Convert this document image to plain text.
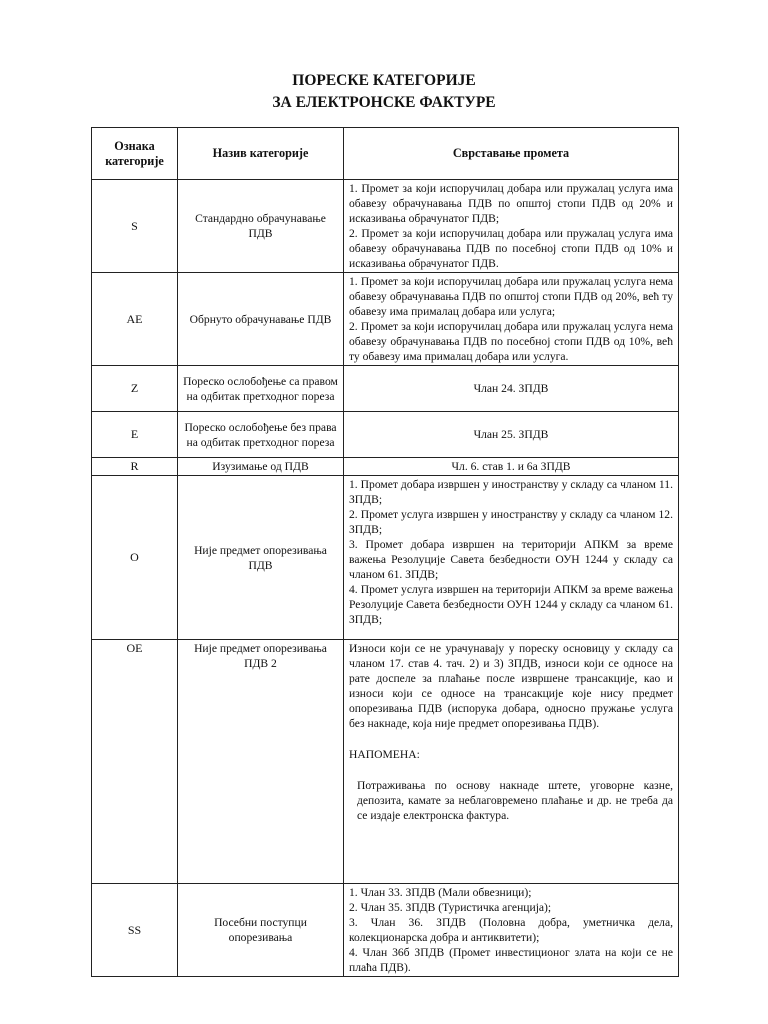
ПОРЕСКЕ КАТЕГОРИЈЕ
ЗА ЕЛЕКТРОНСКЕ ФАКТУРЕ
Ознака категорије	Назив категорије	Сврставање промета
S	Стандардно обрачунавање ПДВ	1. Промет за који испоручилац добара или пружалац услуга има обавезу обрачунавања ПДВ по општој стопи ПДВ од 20% и исказивања обрачунатог ПДВ;
2. Промет за који испоручилац добара или пружалац услуга има обавезу обрачунавања ПДВ по посебној стопи ПДВ од 10% и исказивања обрачунатог ПДВ.

AE	Обрнуто обрачунавање ПДВ	1. Промет за који испоручилац добара или пружалац услуга нема обавезу обрачунавања ПДВ по општој стопи ПДВ од 20%, већ ту обавезу има прималац добара или услуга;
2. Промет за који испоручилац добара или пружалац услуга нема обавезу обрачунавања ПДВ по посебној стопи ПДВ од 10%, већ ту обавезу има прималац добара или услуга.

Z	Пореско ослобођење са правом на одбитак претходног пореза	Члан 24. ЗПДВ
E	Пореско ослобођење без права на одбитак претходног пореза	Члан 25. ЗПДВ
R	Изузимање од ПДВ	Чл. 6. став 1. и 6а ЗПДВ
O	Није предмет опорезивања ПДВ	1. Промет добара извршен у иностранству у складу са чланом 11. ЗПДВ;
2. Промет услуга извршен у иностранству у складу са чланом 12. ЗПДВ;
3. Промет добара извршен на територији АПКМ за време важења Резолуције Савета безбедности ОУН 1244 у складу са чланом 61. ЗПДВ;
4. Промет услуга извршен на територији АПКМ за време важења Резолуције Савета безбедности ОУН 1244 у складу са чланом 61. ЗПДВ;

OE	Није предмет опорезивања ПДВ 2	Износи који се не урачунавају у пореску основицу у складу са чланом 17. став 4. тач. 2) и 3) ЗПДВ, износи који се односе на рате доспеле за плаћање после извршене трансакције, као и износи који се односе на трансакције које нису предмет опорезивања ПДВ (испорука добара, односно пружање услуга без накнаде, која није предмет опорезивања ПДВ).
НАПОМЕНА:
Потраживања по основу накнаде штете, уговорне казне, депозита, камате за неблаговремено плаћање и др. не треба да се издаје електронска фактура.

SS	Посебни поступци опорезивања	1. Члан 33. ЗПДВ (Мали обвезници);
2. Члан 35. ЗПДВ (Туристичка агенција);
3. Члан 36. ЗПДВ (Половна добра, уметничка дела, колекционарска добра и антиквитети);
4. Члан 36б ЗПДВ (Промет инвестиционог злата на који се не плаћа ПДВ).
